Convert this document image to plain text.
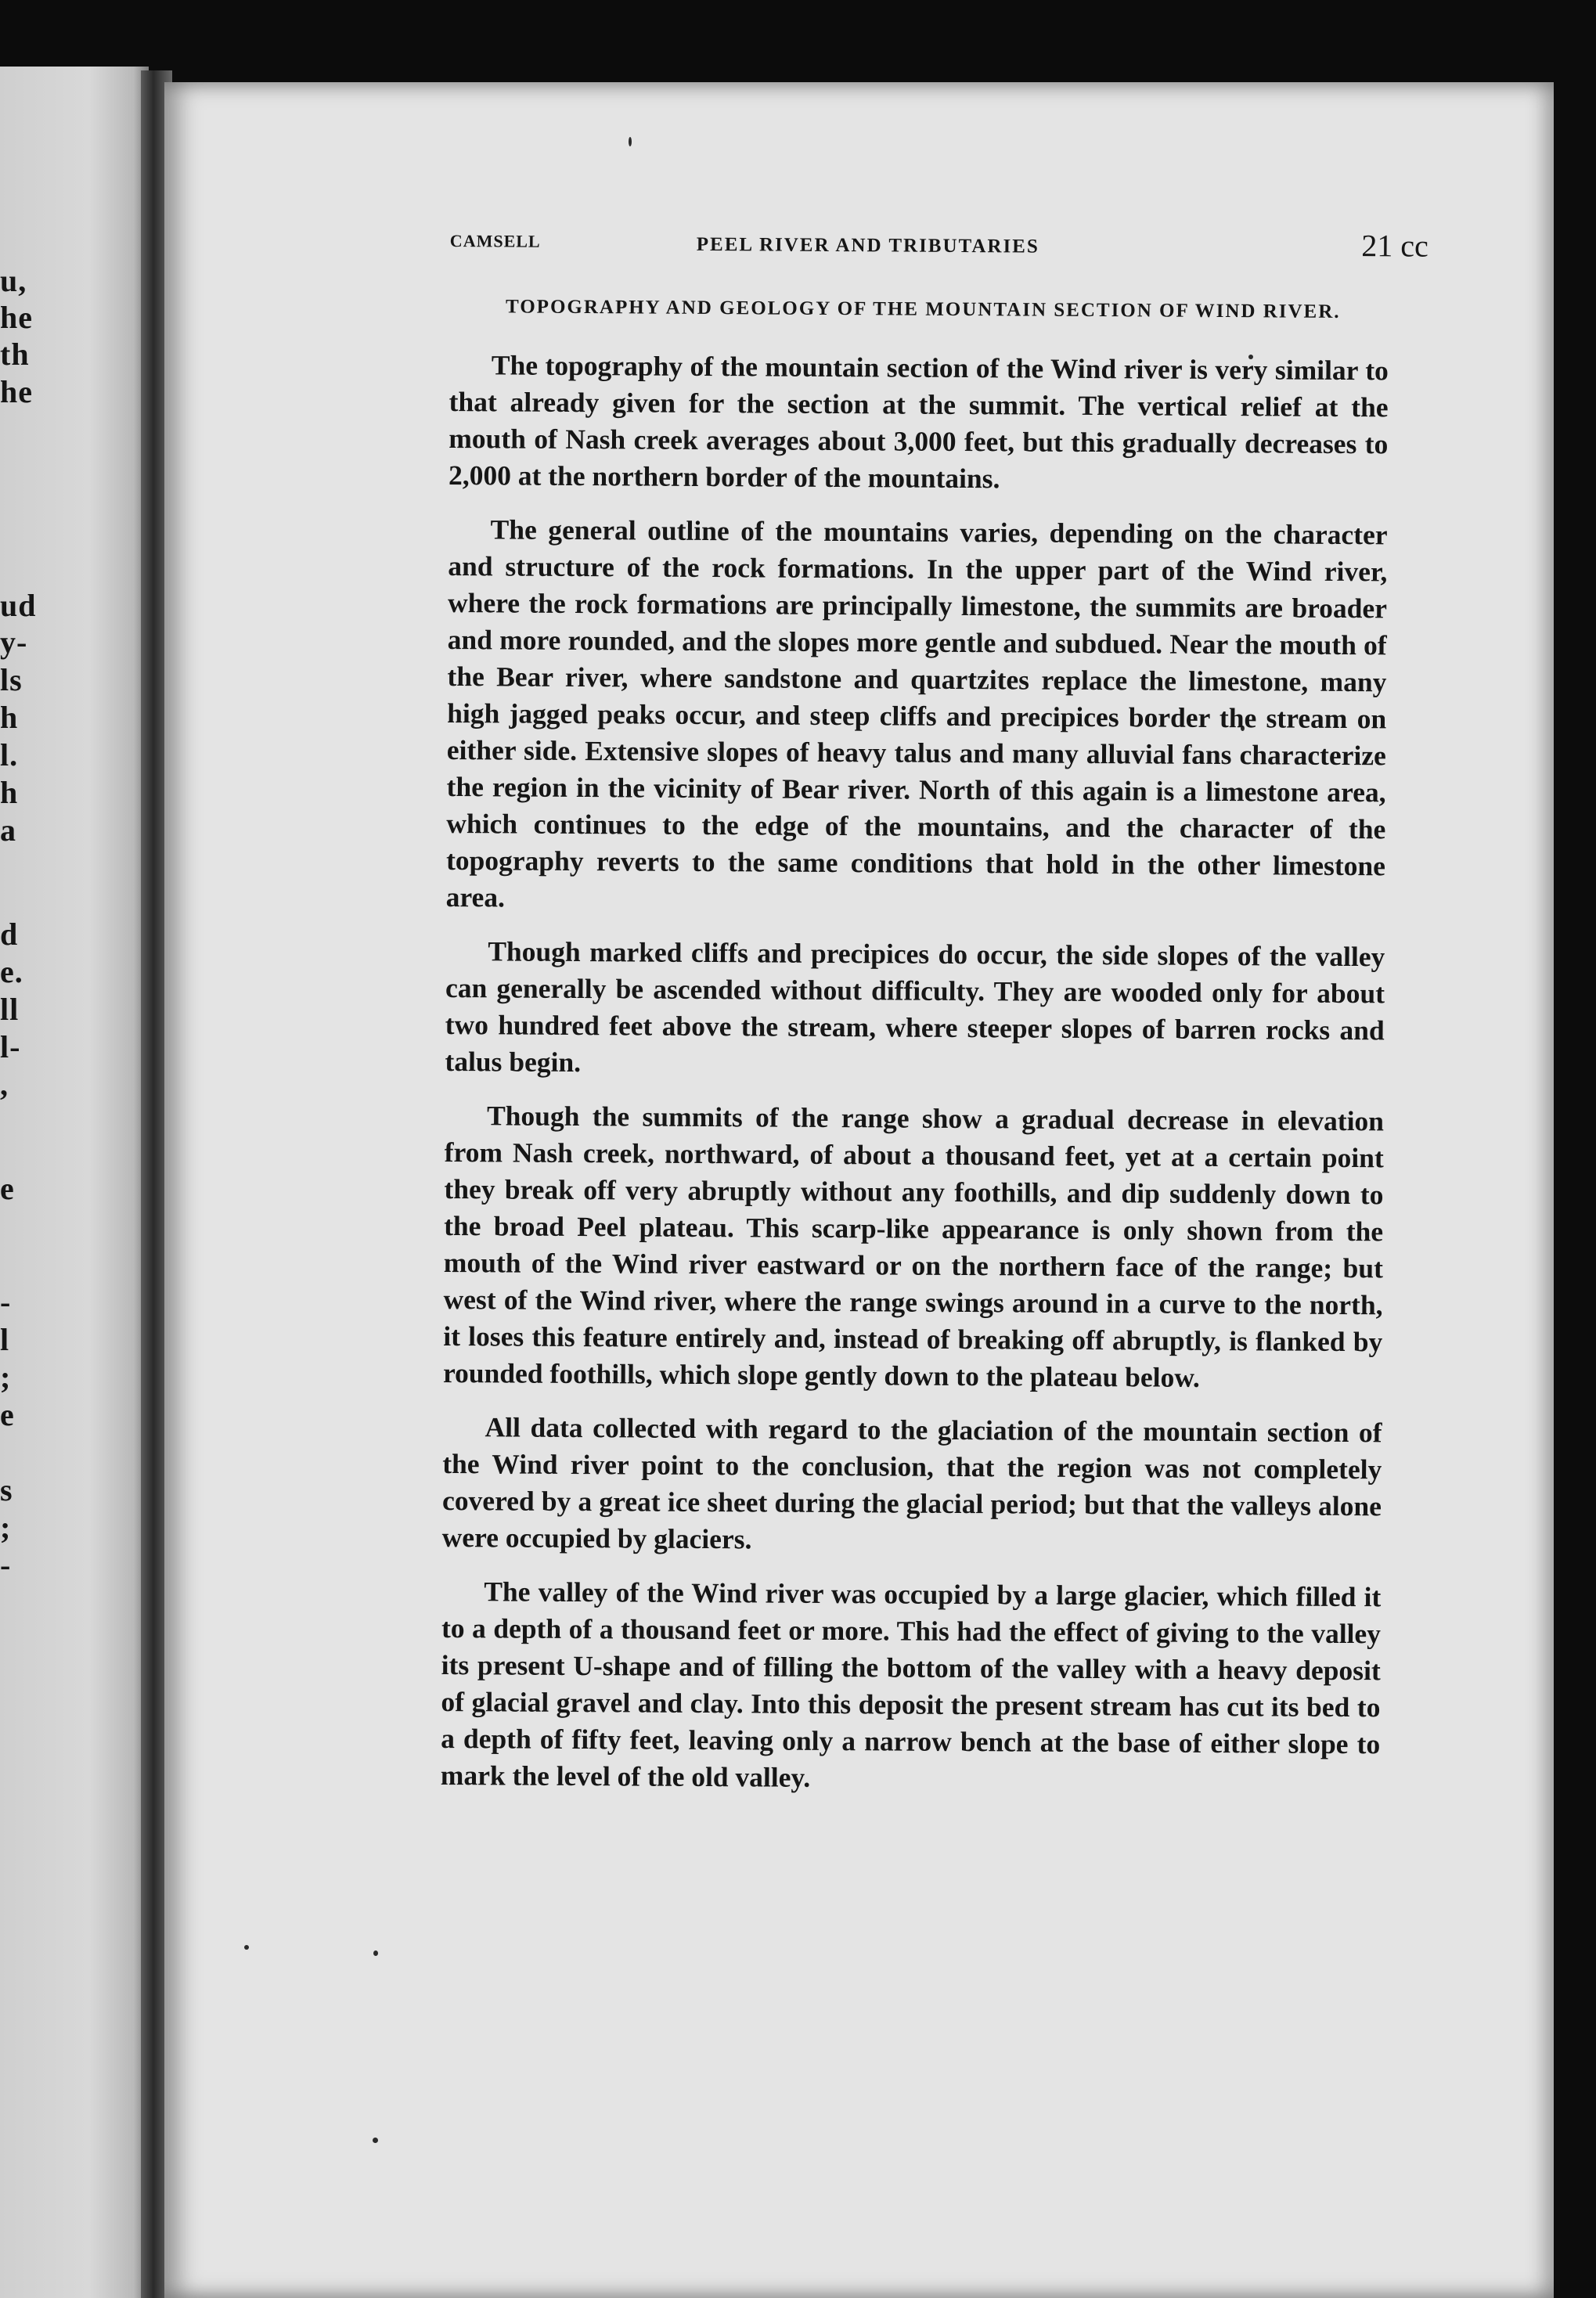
u,
he
th
he
ud
y-
ls
h
l.
h
a
d
e.
ll
l-
,
e
-
l
;
e
s
;
-
CAMSELL	PEEL RIVER AND TRIBUTARIES	21 cc
TOPOGRAPHY AND GEOLOGY OF THE MOUNTAIN SECTION OF WIND RIVER.

The topography of the mountain section of the Wind river is very similar to that already given for the section at the summit. The vertical relief at the mouth of Nash creek averages about 3,000 feet, but this gradually decreases to 2,000 at the northern border of the mountains.

The general outline of the mountains varies, depending on the character and structure of the rock formations. In the upper part of the Wind river, where the rock formations are principally limestone, the summits are broader and more rounded, and the slopes more gentle and subdued. Near the mouth of the Bear river, where sandstone and quartzites replace the limestone, many high jagged peaks occur, and steep cliffs and precipices border the stream on either side. Extensive slopes of heavy talus and many alluvial fans characterize the region in the vicinity of Bear river. North of this again is a limestone area, which continues to the edge of the mountains, and the character of the topography reverts to the same conditions that hold in the other limestone area.

Though marked cliffs and precipices do occur, the side slopes of the valley can generally be ascended without difficulty. They are wooded only for about two hundred feet above the stream, where steeper slopes of barren rocks and talus begin.

Though the summits of the range show a gradual decrease in elevation from Nash creek, northward, of about a thousand feet, yet at a certain point they break off very abruptly without any foothills, and dip suddenly down to the broad Peel plateau. This scarp-like appearance is only shown from the mouth of the Wind river eastward or on the northern face of the range; but west of the Wind river, where the range swings around in a curve to the north, it loses this feature entirely and, instead of breaking off abruptly, is flanked by rounded foothills, which slope gently down to the plateau below.

All data collected with regard to the glaciation of the mountain section of the Wind river point to the conclusion, that the region was not completely covered by a great ice sheet during the glacial period; but that the valleys alone were occupied by glaciers.

The valley of the Wind river was occupied by a large glacier, which filled it to a depth of a thousand feet or more. This had the effect of giving to the valley its present U-shape and of filling the bottom of the valley with a heavy deposit of glacial gravel and clay. Into this deposit the present stream has cut its bed to a depth of fifty feet, leaving only a narrow bench at the base of either slope to mark the level of the old valley.
